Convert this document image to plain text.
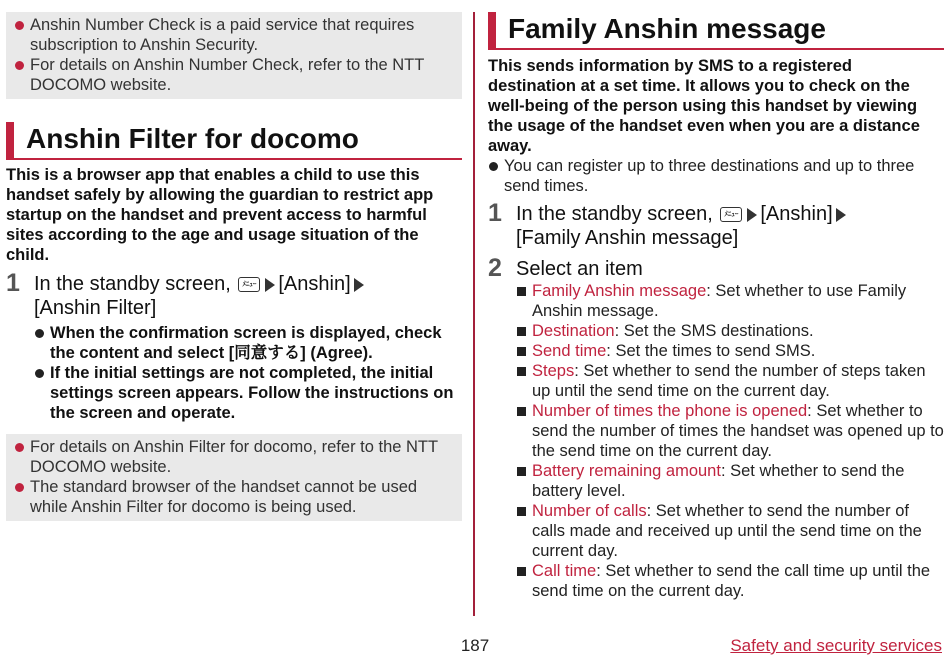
Anshin Number Check is a paid service that requires subscription to Anshin Security.
For details on Anshin Number Check, refer to the NTT DOCOMO website.
Anshin Filter for docomo
This is a browser app that enables a child to use this handset safely by allowing the guardian to restrict app startup on the handset and prevent access to harmful sites according to the age and usage situation of the child.
1 In the standby screen, ﾒﾆｭｰ [Anshin]
[Anshin Filter]
When the confirmation screen is displayed, check the content and select [同意する] (Agree).
If the initial settings are not completed, the initial settings screen appears. Follow the instructions on the screen and operate.
For details on Anshin Filter for docomo, refer to the NTT DOCOMO website.
The standard browser of the handset cannot be used while Anshin Filter for docomo is being used.
Family Anshin message
This sends information by SMS to a registered destination at a set time. It allows you to check on the well-being of the person using this handset by viewing the usage of the handset even when you are a distance away.
You can register up to three destinations and up to three send times.
1 In the standby screen, ﾒﾆｭｰ [Anshin]
[Family Anshin message]
2 Select an item
Family Anshin message: Set whether to use Family Anshin message.
Destination: Set the SMS destinations.
Send time: Set the times to send SMS.
Steps: Set whether to send the number of steps taken up until the send time on the current day.
Number of times the phone is opened: Set whether to send the number of times the handset was opened up to the send time on the current day.
Battery remaining amount: Set whether to send the battery level.
Number of calls: Set whether to send the number of calls made and received up until the send time on the current day.
Call time: Set whether to send the call time up until the send time on the current day.
187	Safety and security services
